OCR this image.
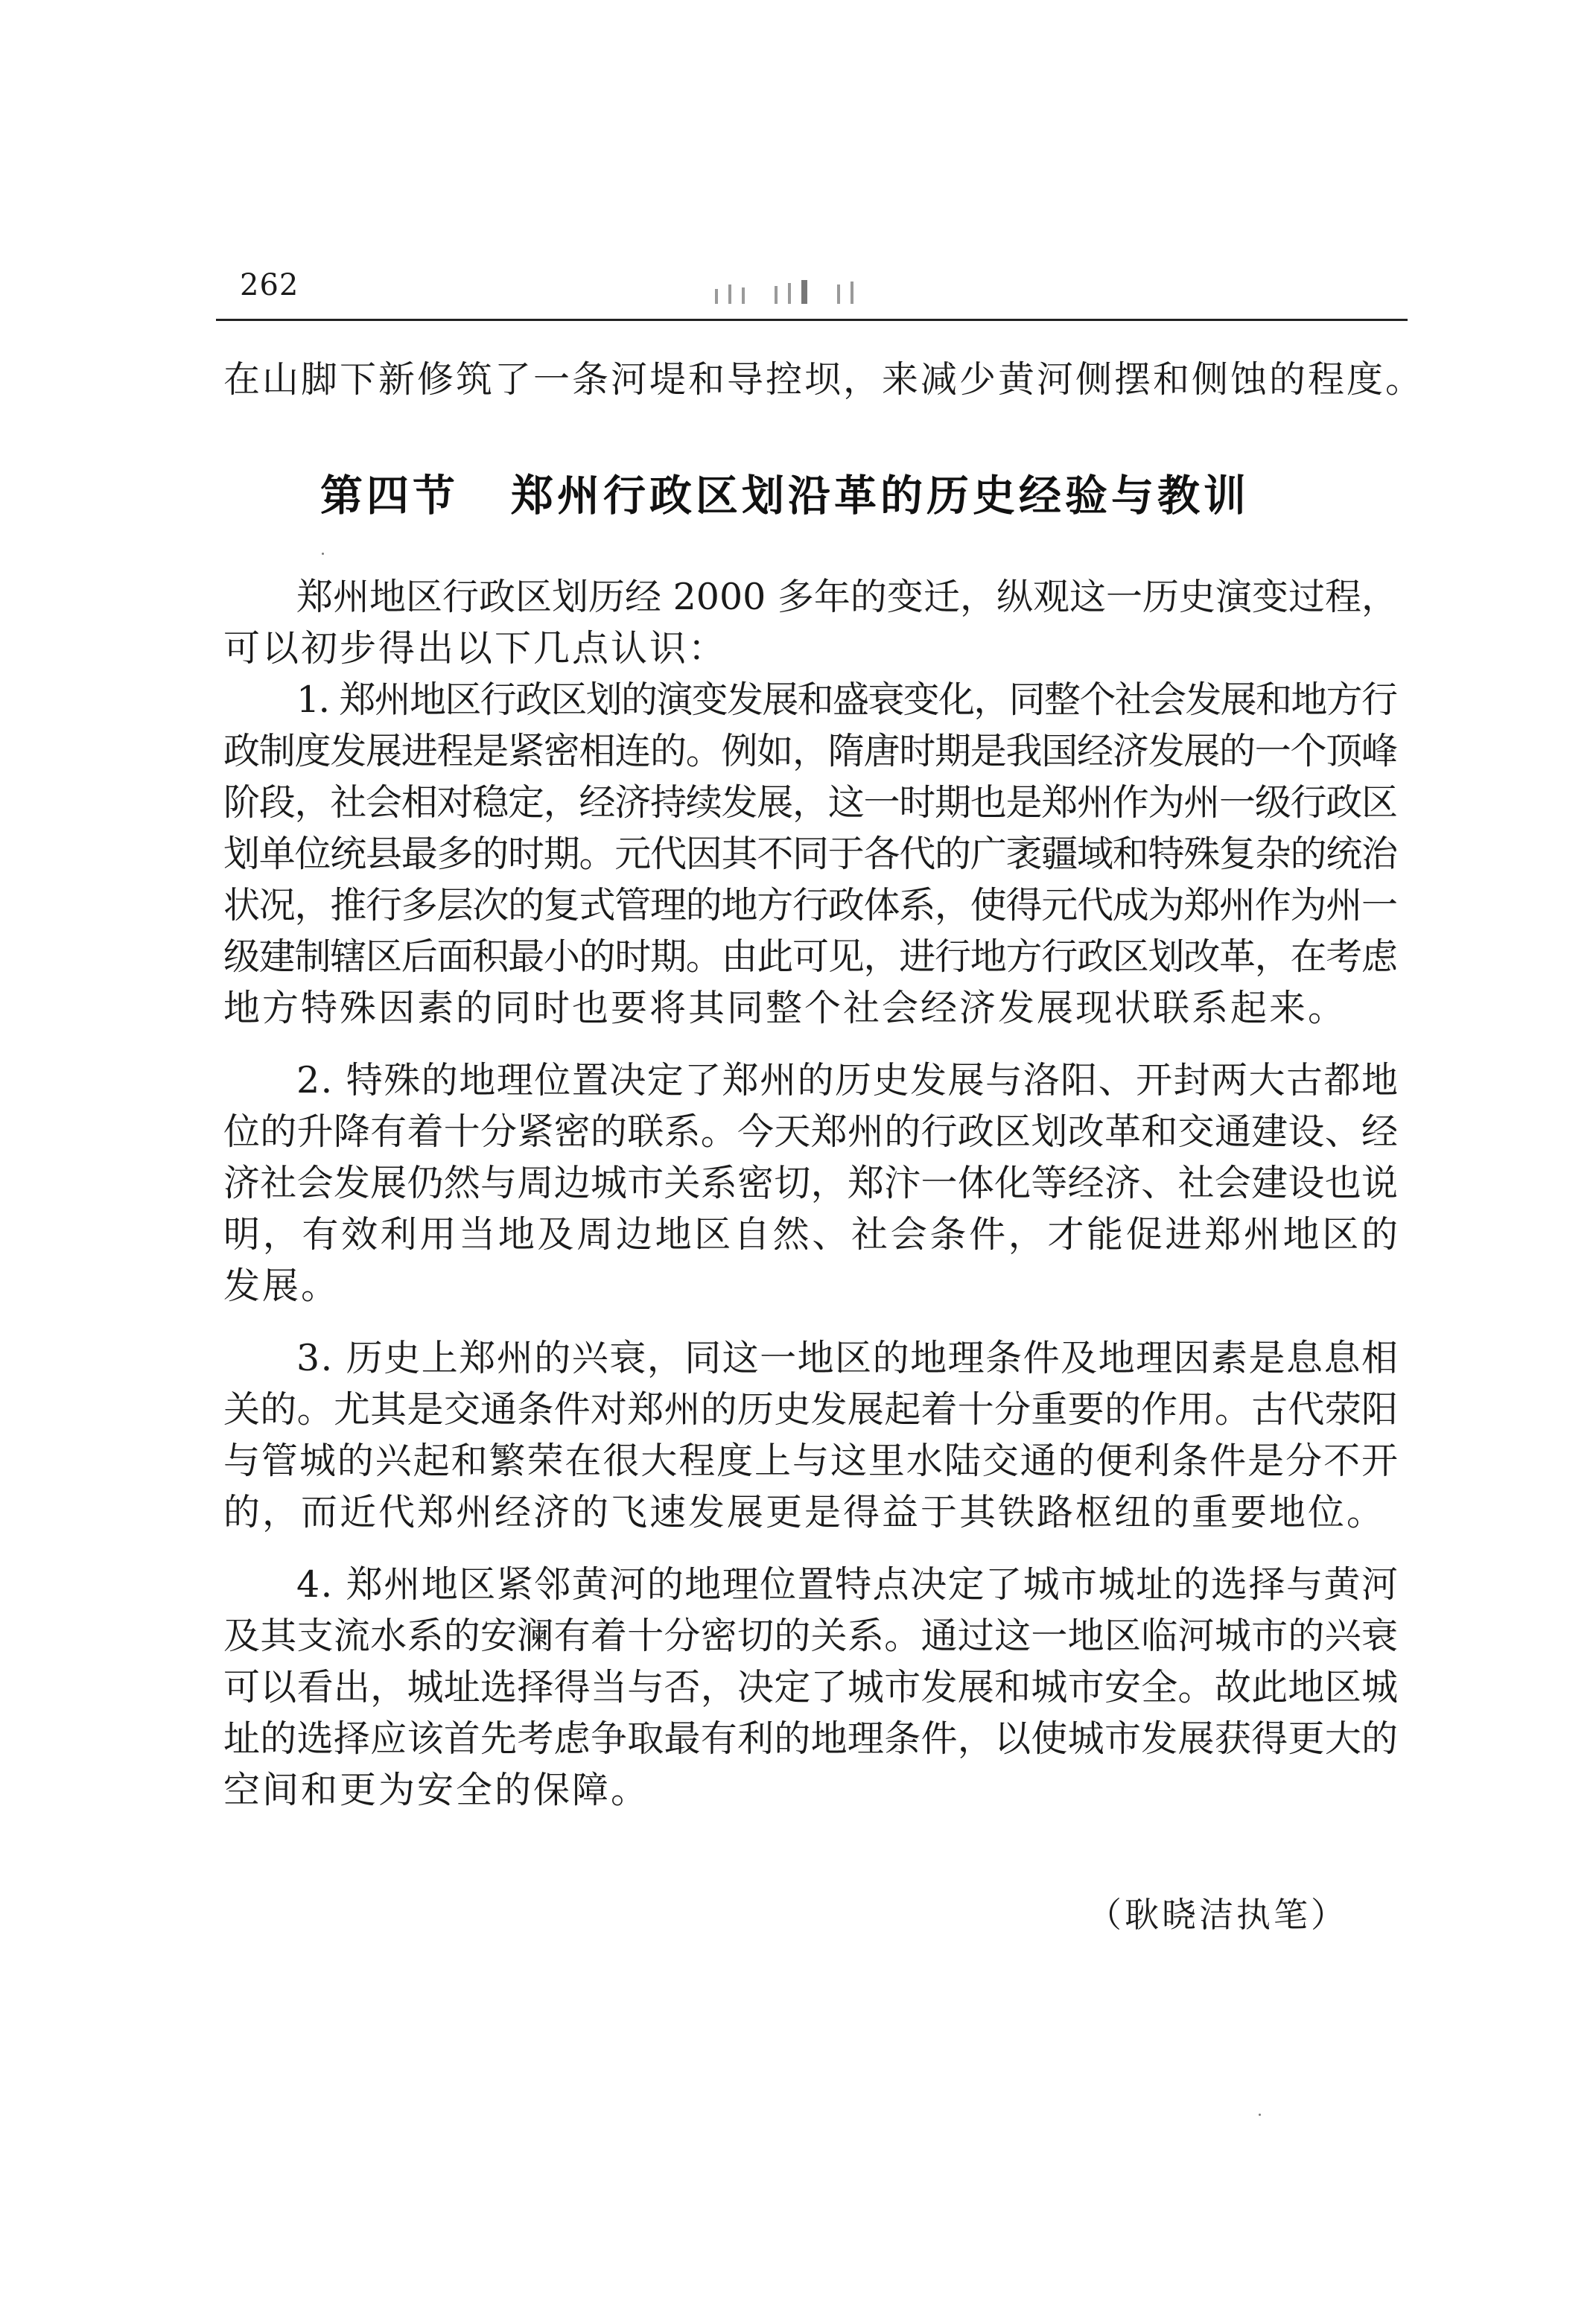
262
在山脚下新修筑了一条河堤和导控坝，来减少黄河侧摆和侧蚀的程度。
第四节 郑州行政区划沿革的历史经验与教训
郑州地区行政区划历经 2000 多年的变迁，纵观这一历史演变过程，
可以初步得出以下几点认识：
1. 郑州地区行政区划的演变发展和盛衰变化，同整个社会发展和地方行
政制度发展进程是紧密相连的。例如，隋唐时期是我国经济发展的一个顶峰
阶段，社会相对稳定，经济持续发展，这一时期也是郑州作为州一级行政区
划单位统县最多的时期。元代因其不同于各代的广袤疆域和特殊复杂的统治
状况，推行多层次的复式管理的地方行政体系，使得元代成为郑州作为州一
级建制辖区后面积最小的时期。由此可见，进行地方行政区划改革，在考虑
地方特殊因素的同时也要将其同整个社会经济发展现状联系起来。
2. 特殊的地理位置决定了郑州的历史发展与洛阳、开封两大古都地
位的升降有着十分紧密的联系。今天郑州的行政区划改革和交通建设、经
济社会发展仍然与周边城市关系密切，郑汴一体化等经济、社会建设也说
明，有效利用当地及周边地区自然、社会条件，才能促进郑州地区的
发展。
3. 历史上郑州的兴衰，同这一地区的地理条件及地理因素是息息相
关的。尤其是交通条件对郑州的历史发展起着十分重要的作用。古代荥阳
与管城的兴起和繁荣在很大程度上与这里水陆交通的便利条件是分不开
的，而近代郑州经济的飞速发展更是得益于其铁路枢纽的重要地位。
4. 郑州地区紧邻黄河的地理位置特点决定了城市城址的选择与黄河
及其支流水系的安澜有着十分密切的关系。通过这一地区临河城市的兴衰
可以看出，城址选择得当与否，决定了城市发展和城市安全。故此地区城
址的选择应该首先考虑争取最有利的地理条件，以使城市发展获得更大的
空间和更为安全的保障。
（耿晓洁执笔）
